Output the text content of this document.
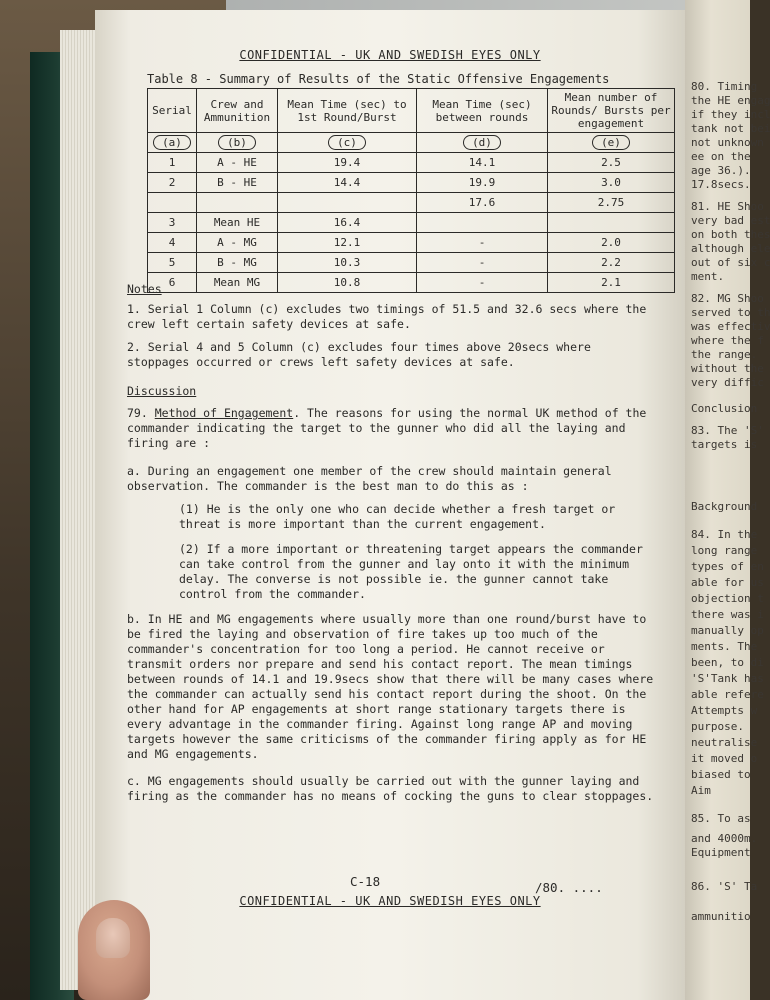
CONFIDENTIAL - UK AND SWEDISH EYES ONLY
Table 8 - Summary of Results of the Static Offensive Engagements
Serial	Crew and Ammunition	Mean Time (sec) to 1st Round/Burst	Mean Time (sec) between rounds	Mean number of Rounds/ Bursts per engagement
(a)	(b)	(c)	(d)	(e)
1	A - HE	19.4	14.1	2.5
2	B - HE	14.4	19.9	3.0
			17.6	2.75
3	Mean HE	16.4		
4	A - MG	12.1	-	2.0
5	B - MG	10.3	-	2.2
6	Mean MG	10.8	-	2.1
Notes
1. Serial 1 Column (c) excludes two timings of 51.5 and 32.6 secs where the crew left certain safety devices at safe.
2. Serial 4 and 5 Column (c) excludes four times above 20secs where stoppages occurred or crews left safety devices at safe.
Discussion
79. Method of Engagement. The reasons for using the normal UK method of the commander indicating the target to the gunner who did all the laying and firing are :
a. During an engagement one member of the crew should maintain general observation. The commander is the best man to do this as :
(1) He is the only one who can decide whether a fresh target or threat is more important than the current engagement.
(2) If a more important or threatening target appears the commander can take control from the gunner and lay onto it with the minimum delay. The converse is not possible ie. the gunner cannot take control from the commander.
b. In HE and MG engagements where usually more than one round/burst have to be fired the laying and observation of fire takes up too much of the commander's concentration for too long a period. He cannot receive or transmit orders nor prepare and send his contact report. The mean timings between rounds of 14.1 and 19.9secs show that there will be many cases where the commander can actually send his contact report during the shoot. On the other hand for AP engagements at short range stationary targets there is every advantage in the commander firing. Against long range AP and moving targets however the same criticisms of the commander firing apply as for HE and MG engagements.
c. MG engagements should usually be carried out with the gunner laying and firing as the commander has no means of cocking the guns to clear stoppages.
C-18	/80. ....
CONFIDENTIAL - UK AND SWEDISH EYES ONLY
80. Timing
the HE engag
if they incl
tank not bei
not unknown
ee on the
age 36.).
17.8secs.
81. HE Shoo
very bad est
on both thes
although ele
out of six c
ment.
82. MG Shoo
served to th
was effectiv
where the f
the range.
without the
very diffic
Conclusion
83. The 'S'
targets is
Background
84. In the
long range
types of en
able for us
objection t
there was i
manually op
ments. The
been, to di
'S'Tank has
able refere
Attempts w
purpose.
neutralise
it moved o
biased to
Aim
85. To as
and 4000m.
Equipment
86. 'S' Ta
ammunitio
